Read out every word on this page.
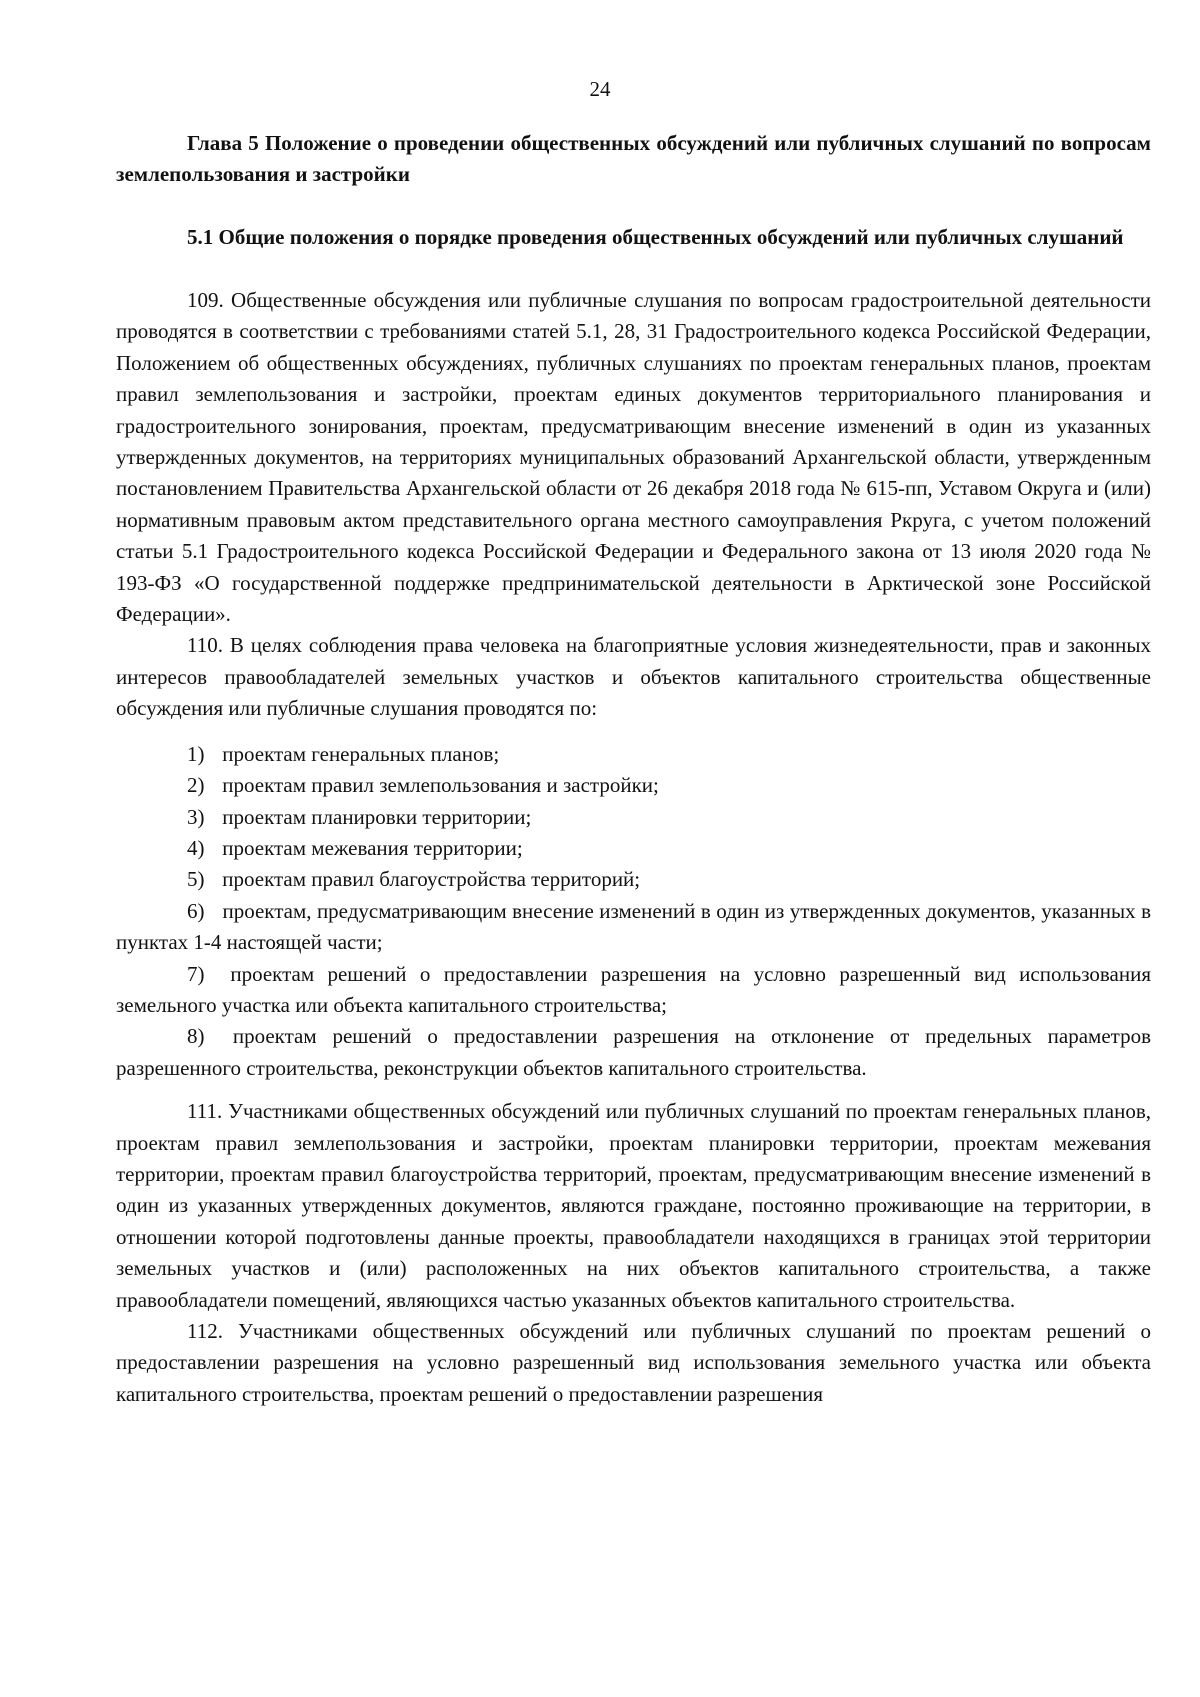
24

Глава 5 Положение о проведении общественных обсуждений или публичных слушаний по вопросам землепользования и застройки

5.1 Общие положения о порядке проведения общественных обсуждений или публичных слушаний

109. Общественные обсуждения или публичные слушания по вопросам градостроительной деятельности проводятся в соответствии с требованиями статей 5.1, 28, 31 Градостроительного кодекса Российской Федерации, Положением об общественных обсуждениях, публичных слушаниях по проектам генеральных планов, проектам правил землепользования и застройки, проектам единых документов территориального планирования и градостроительного зонирования, проектам, предусматривающим внесение изменений в один из указанных утвержденных документов, на территориях муниципальных образований Архангельской области, утвержденным постановлением Правительства Архангельской области от 26 декабря 2018 года № 615-пп, Уставом Округа и (или) нормативным правовым актом представительного органа местного самоуправления Ркруга, с учетом положений статьи 5.1 Градостроительного кодекса Российской Федерации и Федерального закона от 13 июля 2020 года № 193-ФЗ «О государственной поддержке предпринимательской деятельности в Арктической зоне Российской Федерации».

110. В целях соблюдения права человека на благоприятные условия жизнедеятельности, прав и законных интересов правообладателей земельных участков и объектов капитального строительства общественные обсуждения или публичные слушания проводятся по:

1) проектам генеральных планов;
2) проектам правил землепользования и застройки;
3) проектам планировки территории;
4) проектам межевания территории;
5) проектам правил благоустройства территорий;
6) проектам, предусматривающим внесение изменений в один из утвержденных документов, указанных в пунктах 1-4 настоящей части;
7) проектам решений о предоставлении разрешения на условно разрешенный вид использования земельного участка или объекта капитального строительства;
8) проектам решений о предоставлении разрешения на отклонение от предельных параметров разрешенного строительства, реконструкции объектов капитального строительства.

111. Участниками общественных обсуждений или публичных слушаний по проектам генеральных планов, проектам правил землепользования и застройки, проектам планировки территории, проектам межевания территории, проектам правил благоустройства территорий, проектам, предусматривающим внесение изменений в один из указанных утвержденных документов, являются граждане, постоянно проживающие на территории, в отношении которой подготовлены данные проекты, правообладатели находящихся в границах этой территории земельных участков и (или) расположенных на них объектов капитального строительства, а также правообладатели помещений, являющихся частью указанных объектов капитального строительства.

112. Участниками общественных обсуждений или публичных слушаний по проектам решений о предоставлении разрешения на условно разрешенный вид использования земельного участка или объекта капитального строительства, проектам решений о предоставлении разрешения
